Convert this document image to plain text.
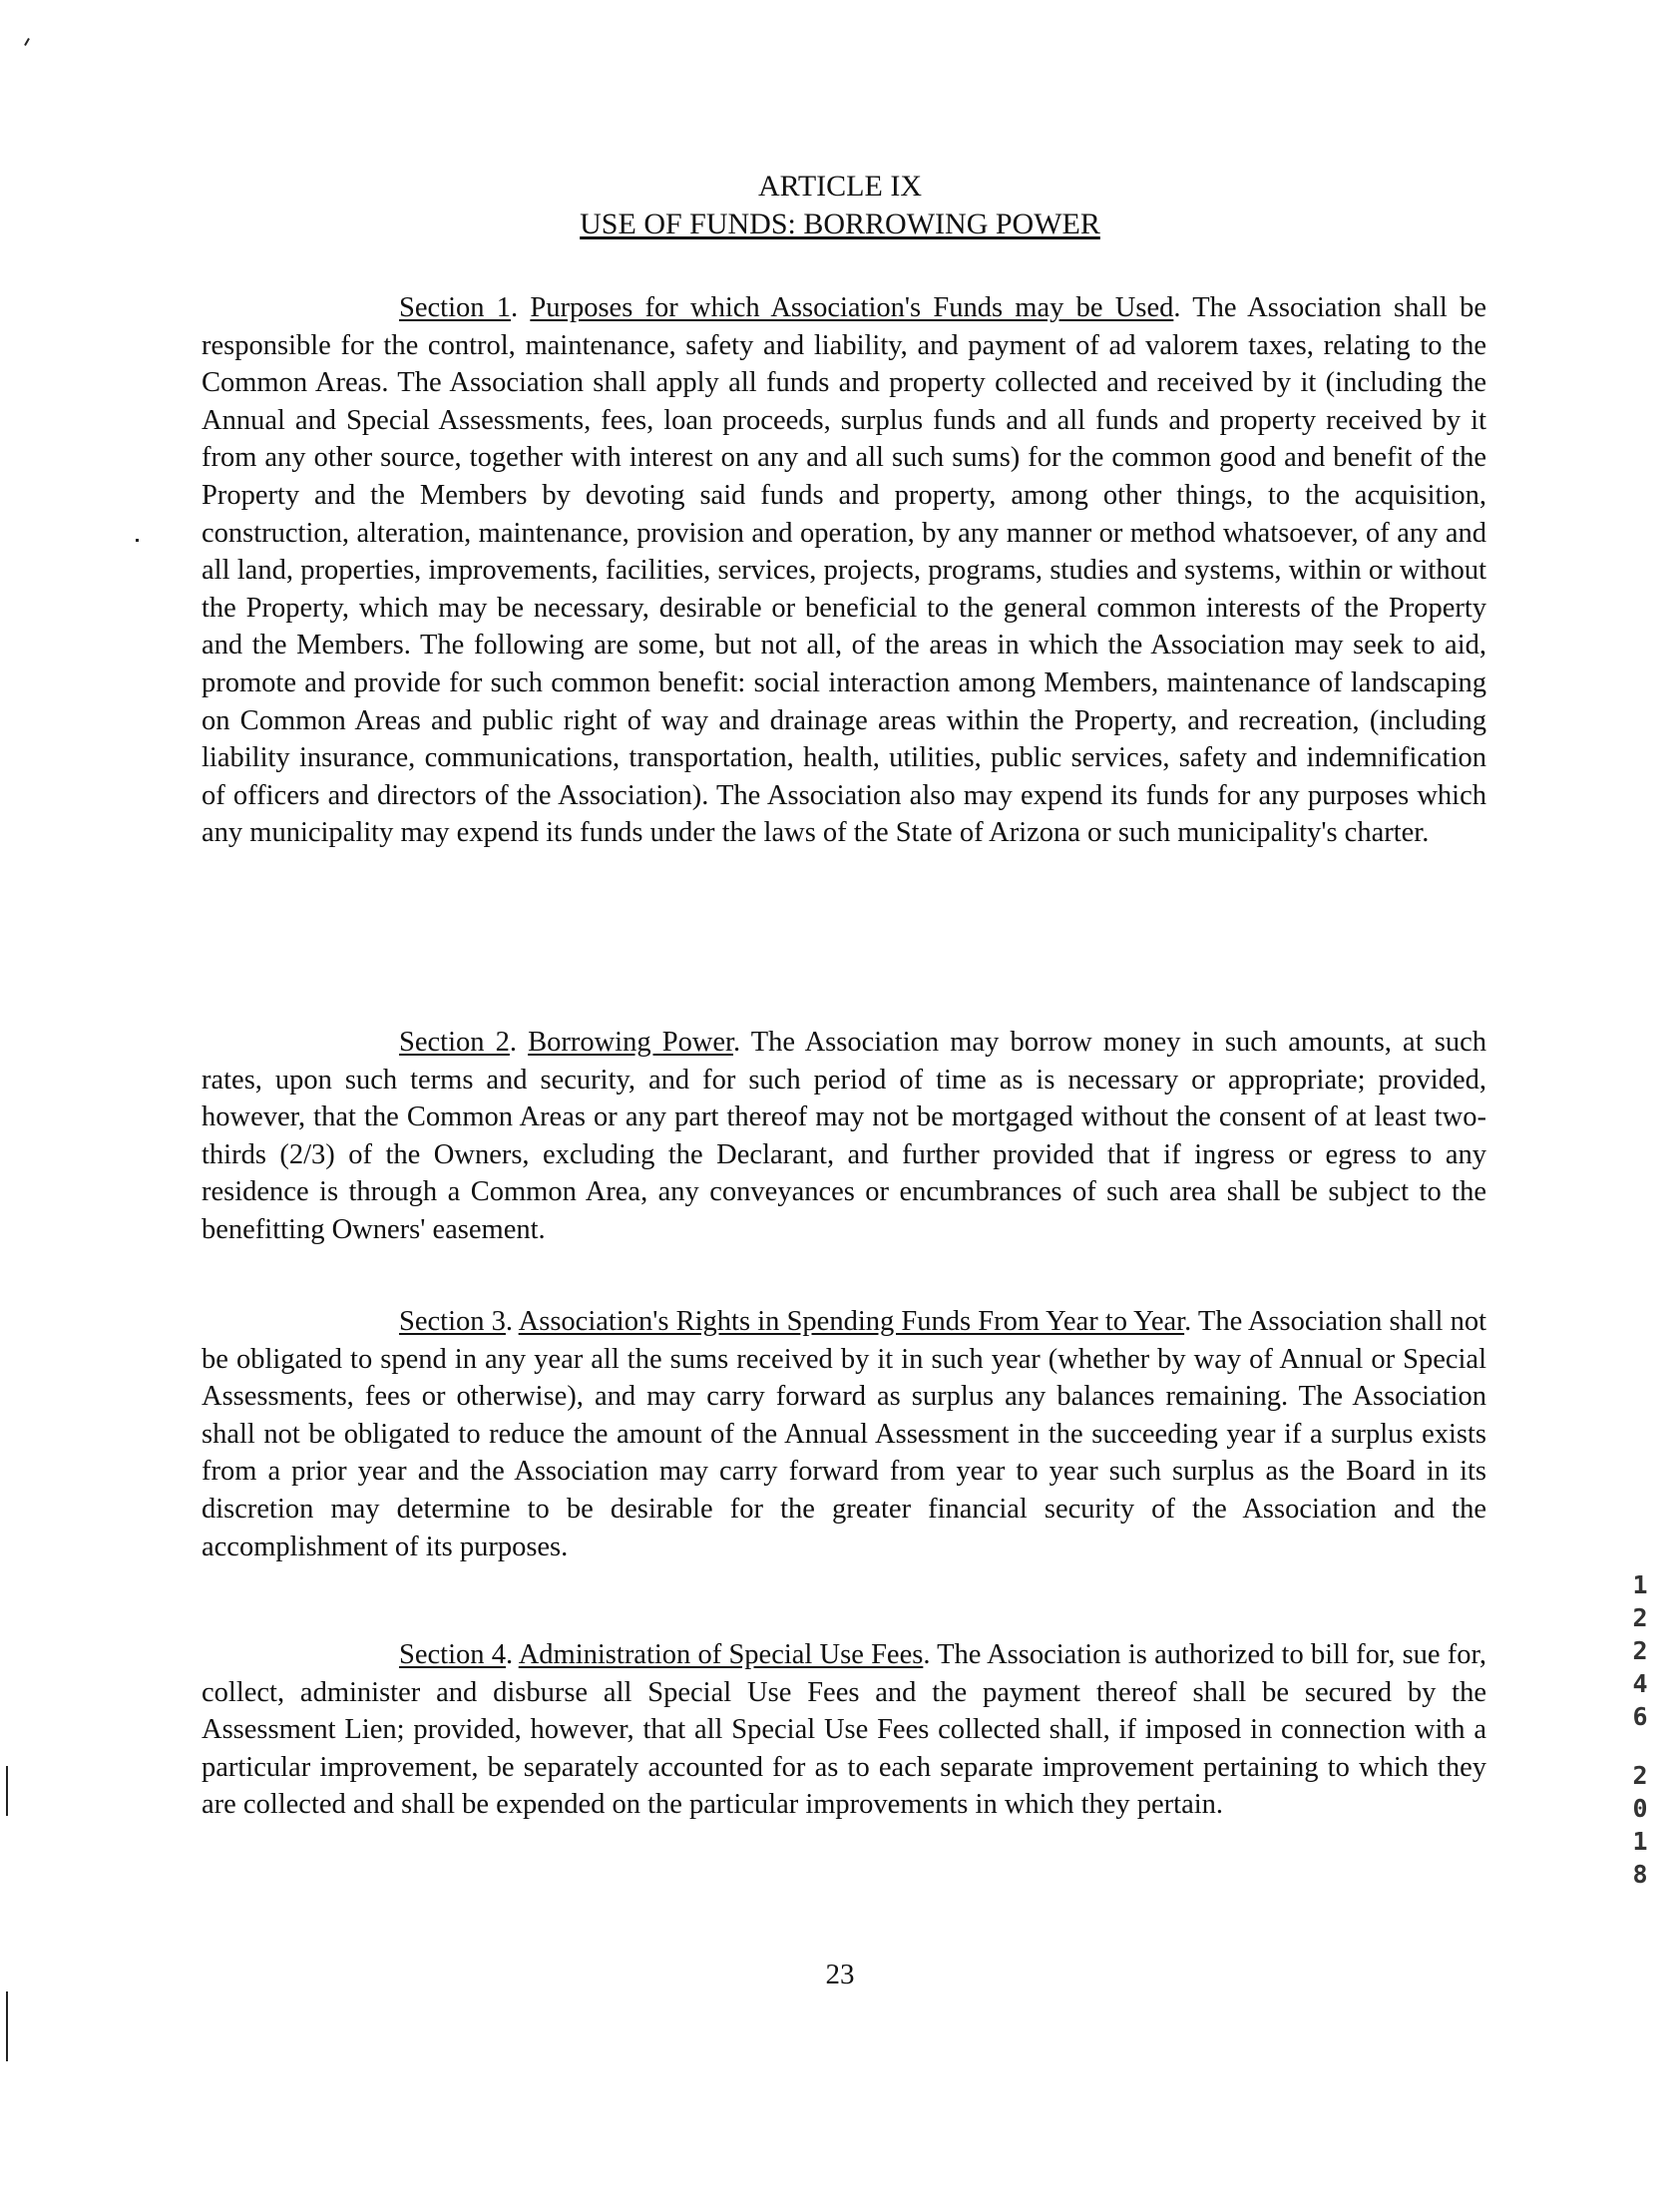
ARTICLE IX
USE OF FUNDS: BORROWING POWER

Section 1. Purposes for which Association's Funds may be Used. The Association shall be responsible for the control, maintenance, safety and liability, and payment of ad valorem taxes, relating to the Common Areas. The Association shall apply all funds and property collected and received by it (including the Annual and Special Assessments, fees, loan proceeds, surplus funds and all funds and property received by it from any other source, together with interest on any and all such sums) for the common good and benefit of the Property and the Members by devoting said funds and property, among other things, to the acquisition, construction, alteration, maintenance, provision and operation, by any manner or method whatsoever, of any and all land, properties, improvements, facilities, services, projects, programs, studies and systems, within or without the Property, which may be necessary, desirable or beneficial to the general common interests of the Property and the Members. The following are some, but not all, of the areas in which the Association may seek to aid, promote and provide for such common benefit: social interaction among Members, maintenance of landscaping on Common Areas and public right of way and drainage areas within the Property, and recreation, (including liability insurance, communications, transportation, health, utilities, public services, safety and indemnification of officers and directors of the Association). The Association also may expend its funds for any purposes which any municipality may expend its funds under the laws of the State of Arizona or such municipality's charter.

Section 2. Borrowing Power. The Association may borrow money in such amounts, at such rates, upon such terms and security, and for such period of time as is necessary or appropriate; provided, however, that the Common Areas or any part thereof may not be mortgaged without the consent of at least two-thirds (2/3) of the Owners, excluding the Declarant, and further provided that if ingress or egress to any residence is through a Common Area, any conveyances or encumbrances of such area shall be subject to the benefitting Owners' easement.

Section 3. Association's Rights in Spending Funds From Year to Year. The Association shall not be obligated to spend in any year all the sums received by it in such year (whether by way of Annual or Special Assessments, fees or otherwise), and may carry forward as surplus any balances remaining. The Association shall not be obligated to reduce the amount of the Annual Assessment in the succeeding year if a surplus exists from a prior year and the Association may carry forward from year to year such surplus as the Board in its discretion may determine to be desirable for the greater financial security of the Association and the accomplishment of its purposes.

Section 4. Administration of Special Use Fees. The Association is authorized to bill for, sue for, collect, administer and disburse all Special Use Fees and the payment thereof shall be secured by the Assessment Lien; provided, however, that all Special Use Fees collected shall, if imposed in connection with a particular improvement, be separately accounted for as to each separate improvement pertaining to which they are collected and shall be expended on the particular improvements in which they pertain.

23
1
2
2
4
6
2
0
1
8
